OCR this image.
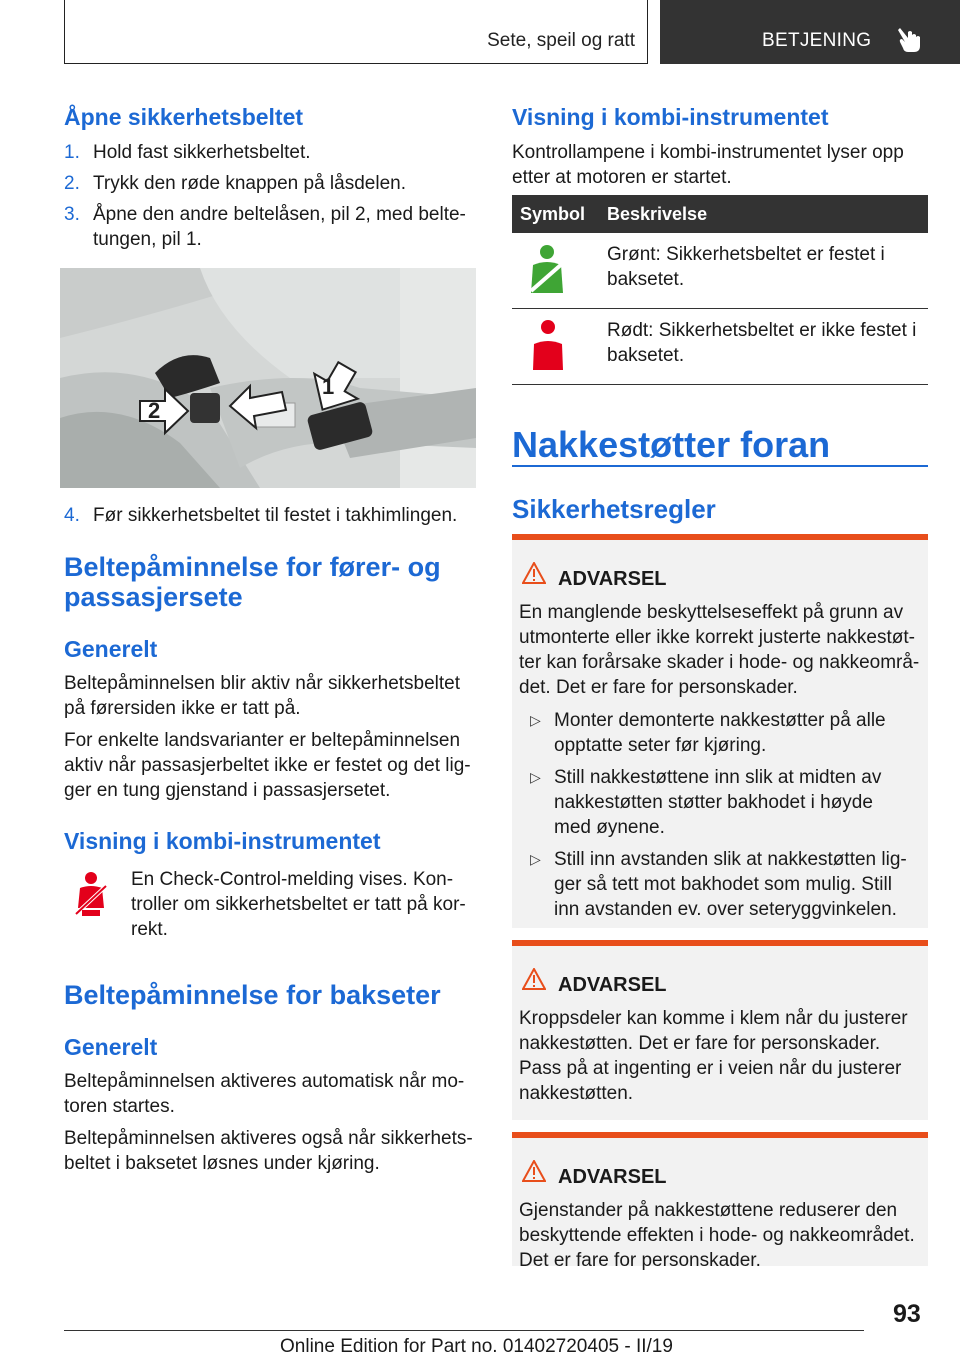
Sete, speil og ratt	BETJENING
Åpne sikkerhetsbeltet
1. Hold fast sikkerhetsbeltet.
2. Trykk den røde knappen på låsdelen.
3. Åpne den andre beltelåsen, pil 2, med belte‐tungen, pil 1.
2
1
4. Før sikkerhetsbeltet til festet i takhimlingen.
Beltepåminnelse for fører- og passasjersete
Generelt
Beltepåminnelsen blir aktiv når sikkerhetsbeltet på førersiden ikke er tatt på.
For enkelte landsvarianter er beltepåminnelsen aktiv når passasjerbeltet ikke er festet og det lig‐ger en tung gjenstand i passasjersetet.
Visning i kombi-instrumentet
En Check-Control-melding vises. Kon‐troller om sikkerhetsbeltet er tatt på kor‐rekt.
Beltepåminnelse for bakseter
Generelt
Beltepåminnelsen aktiveres automatisk når mo‐toren startes.
Beltepåminnelsen aktiveres også når sikkerhets‐beltet i baksetet løsnes under kjøring.
Visning i kombi-instrumentet
Kontrollampene i kombi-instrumentet lyser opp etter at motoren er startet.
Symbol Beskrivelse
Grønt: Sikkerhetsbeltet er festet i baksetet.
Rødt: Sikkerhetsbeltet er ikke festet i baksetet.
Nakkestøtter foran
Sikkerhetsregler
ADVARSEL
En manglende beskyttelseseffekt på grunn av utmonterte eller ikke korrekt justerte nakkestøt‐ter kan forårsake skader i hode- og nakkeområ‐det. Det er fare for personskader.
▷ Monter demonterte nakkestøtter på alle opptatte seter før kjøring.
▷ Still nakkestøttene inn slik at midten av nakkestøtten støtter bakhodet i høyde med øynene.
▷ Still inn avstanden slik at nakkestøtten lig‐ger så tett mot bakhodet som mulig. Still inn avstanden ev. over seteryggvinkelen.
ADVARSEL
Kroppsdeler kan komme i klem når du justerer nakkestøtten. Det er fare for personskader. Pass på at ingenting er i veien når du justerer nakkestøtten.
ADVARSEL
Gjenstander på nakkestøttene reduserer den beskyttende effekten i hode- og nakkeområdet. Det er fare for personskader.
93
Online Edition for Part no. 01402720405 - II/19
